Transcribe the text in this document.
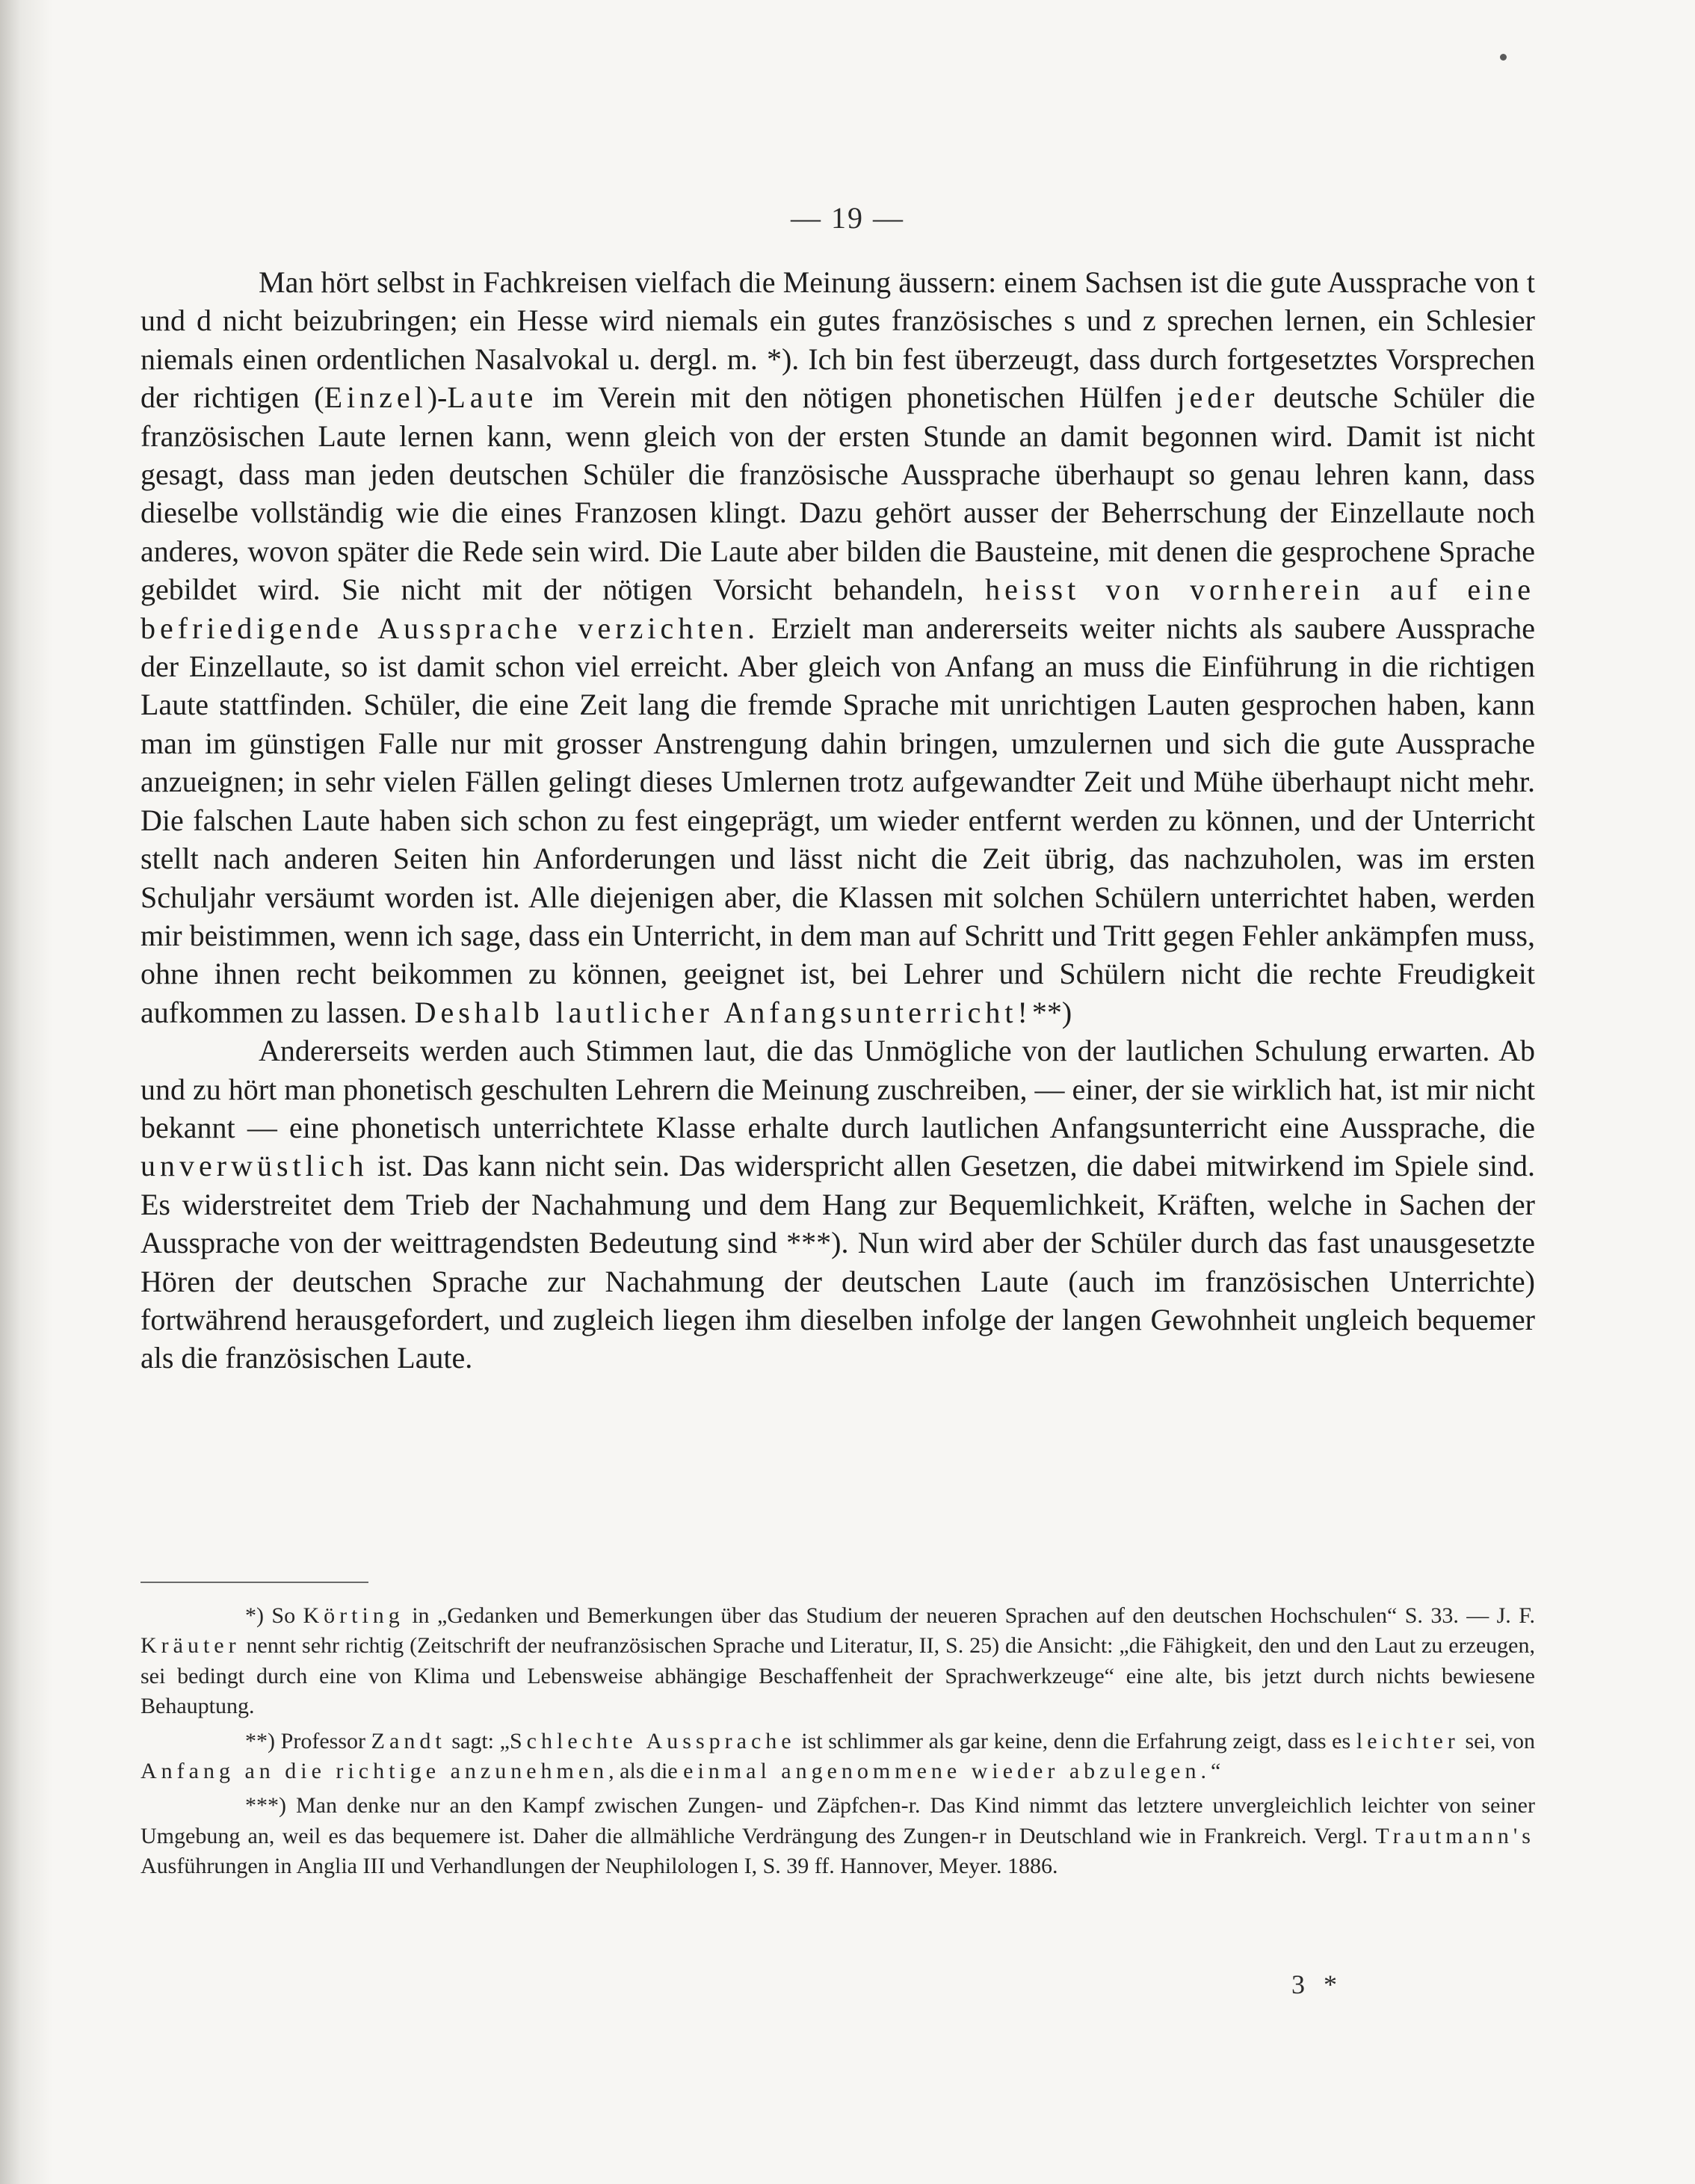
— 19 —

Man hört selbst in Fachkreisen vielfach die Meinung äussern: einem Sachsen ist die gute Aussprache von t und d nicht beizubringen; ein Hesse wird niemals ein gutes französisches s und z sprechen lernen, ein Schlesier niemals einen ordentlichen Nasalvokal u. dergl. m. *). Ich bin fest überzeugt, dass durch fortgesetztes Vorsprechen der richtigen (Einzel)-Laute im Verein mit den nötigen phonetischen Hülfen jeder deutsche Schüler die französischen Laute lernen kann, wenn gleich von der ersten Stunde an damit begonnen wird. Damit ist nicht gesagt, dass man jeden deutschen Schüler die französische Aussprache überhaupt so genau lehren kann, dass dieselbe vollständig wie die eines Franzosen klingt. Dazu gehört ausser der Beherrschung der Einzellaute noch anderes, wovon später die Rede sein wird. Die Laute aber bilden die Bausteine, mit denen die gesprochene Sprache gebildet wird. Sie nicht mit der nötigen Vorsicht behandeln, heisst von vornherein auf eine befriedigende Aussprache verzichten. Erzielt man andererseits weiter nichts als saubere Aussprache der Einzellaute, so ist damit schon viel erreicht. Aber gleich von Anfang an muss die Einführung in die richtigen Laute stattfinden. Schüler, die eine Zeit lang die fremde Sprache mit unrichtigen Lauten gesprochen haben, kann man im günstigen Falle nur mit grosser Anstrengung dahin bringen, umzulernen und sich die gute Aussprache anzueignen; in sehr vielen Fällen gelingt dieses Umlernen trotz aufgewandter Zeit und Mühe überhaupt nicht mehr. Die falschen Laute haben sich schon zu fest eingeprägt, um wieder entfernt werden zu können, und der Unterricht stellt nach anderen Seiten hin Anforderungen und lässt nicht die Zeit übrig, das nachzuholen, was im ersten Schuljahr versäumt worden ist. Alle diejenigen aber, die Klassen mit solchen Schülern unterrichtet haben, werden mir beistimmen, wenn ich sage, dass ein Unterricht, in dem man auf Schritt und Tritt gegen Fehler ankämpfen muss, ohne ihnen recht beikommen zu können, geeignet ist, bei Lehrer und Schülern nicht die rechte Freudigkeit aufkommen zu lassen. Deshalb lautlicher Anfangsunterricht!**)

Andererseits werden auch Stimmen laut, die das Unmögliche von der lautlichen Schulung erwarten. Ab und zu hört man phonetisch geschulten Lehrern die Meinung zuschreiben, — einer, der sie wirklich hat, ist mir nicht bekannt — eine phonetisch unterrichtete Klasse erhalte durch lautlichen Anfangsunterricht eine Aussprache, die unverwüstlich ist. Das kann nicht sein. Das widerspricht allen Gesetzen, die dabei mitwirkend im Spiele sind. Es widerstreitet dem Trieb der Nachahmung und dem Hang zur Bequemlichkeit, Kräften, welche in Sachen der Aussprache von der weittragendsten Bedeutung sind ***). Nun wird aber der Schüler durch das fast unausgesetzte Hören der deutschen Sprache zur Nachahmung der deutschen Laute (auch im französischen Unterrichte) fortwährend herausgefordert, und zugleich liegen ihm dieselben infolge der langen Gewohnheit ungleich bequemer als die französischen Laute.

*) So Körting in „Gedanken und Bemerkungen über das Studium der neueren Sprachen auf den deutschen Hochschulen“ S. 33. — J. F. Kräuter nennt sehr richtig (Zeitschrift der neufranzösischen Sprache und Literatur, II, S. 25) die Ansicht: „die Fähigkeit, den und den Laut zu erzeugen, sei bedingt durch eine von Klima und Lebensweise abhängige Beschaffenheit der Sprachwerkzeuge“ eine alte, bis jetzt durch nichts bewiesene Behauptung.

**) Professor Zandt sagt: „Schlechte Aussprache ist schlimmer als gar keine, denn die Erfahrung zeigt, dass es leichter sei, von Anfang an die richtige anzunehmen, als die einmal angenommene wieder abzulegen.“

***) Man denke nur an den Kampf zwischen Zungen- und Zäpfchen-r. Das Kind nimmt das letztere unvergleichlich leichter von seiner Umgebung an, weil es das bequemere ist. Daher die allmähliche Verdrängung des Zungen-r in Deutschland wie in Frankreich. Vergl. Trautmann's Ausführungen in Anglia III und Verhandlungen der Neuphilologen I, S. 39 ff. Hannover, Meyer. 1886.

3 *
